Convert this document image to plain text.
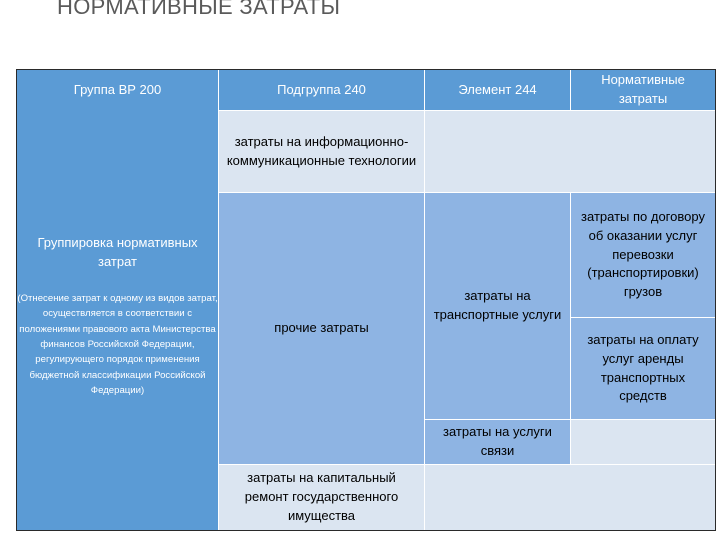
НОРМАТИВНЫЕ ЗАТРАТЫ
Группа ВР 200	Подгруппа 240	Элемент 244
Нормативные затраты
Группировка нормативных затрат
(Отнесение затрат к одному из видов затрат, осуществляется в соответствии с положениями правового акта Министерства финансов Российской Федерации, регулирующего порядок применения бюджетной классификации Российской Федерации)
затраты на информационно-коммуникационные технологии
прочие затраты
затраты на транспортные услуги
затраты по договору об оказании услуг перевозки (транспортировки) грузов
затраты на оплату услуг аренды транспортных средств
затраты на услуги связи
затраты на капитальный ремонт государственного имущества
